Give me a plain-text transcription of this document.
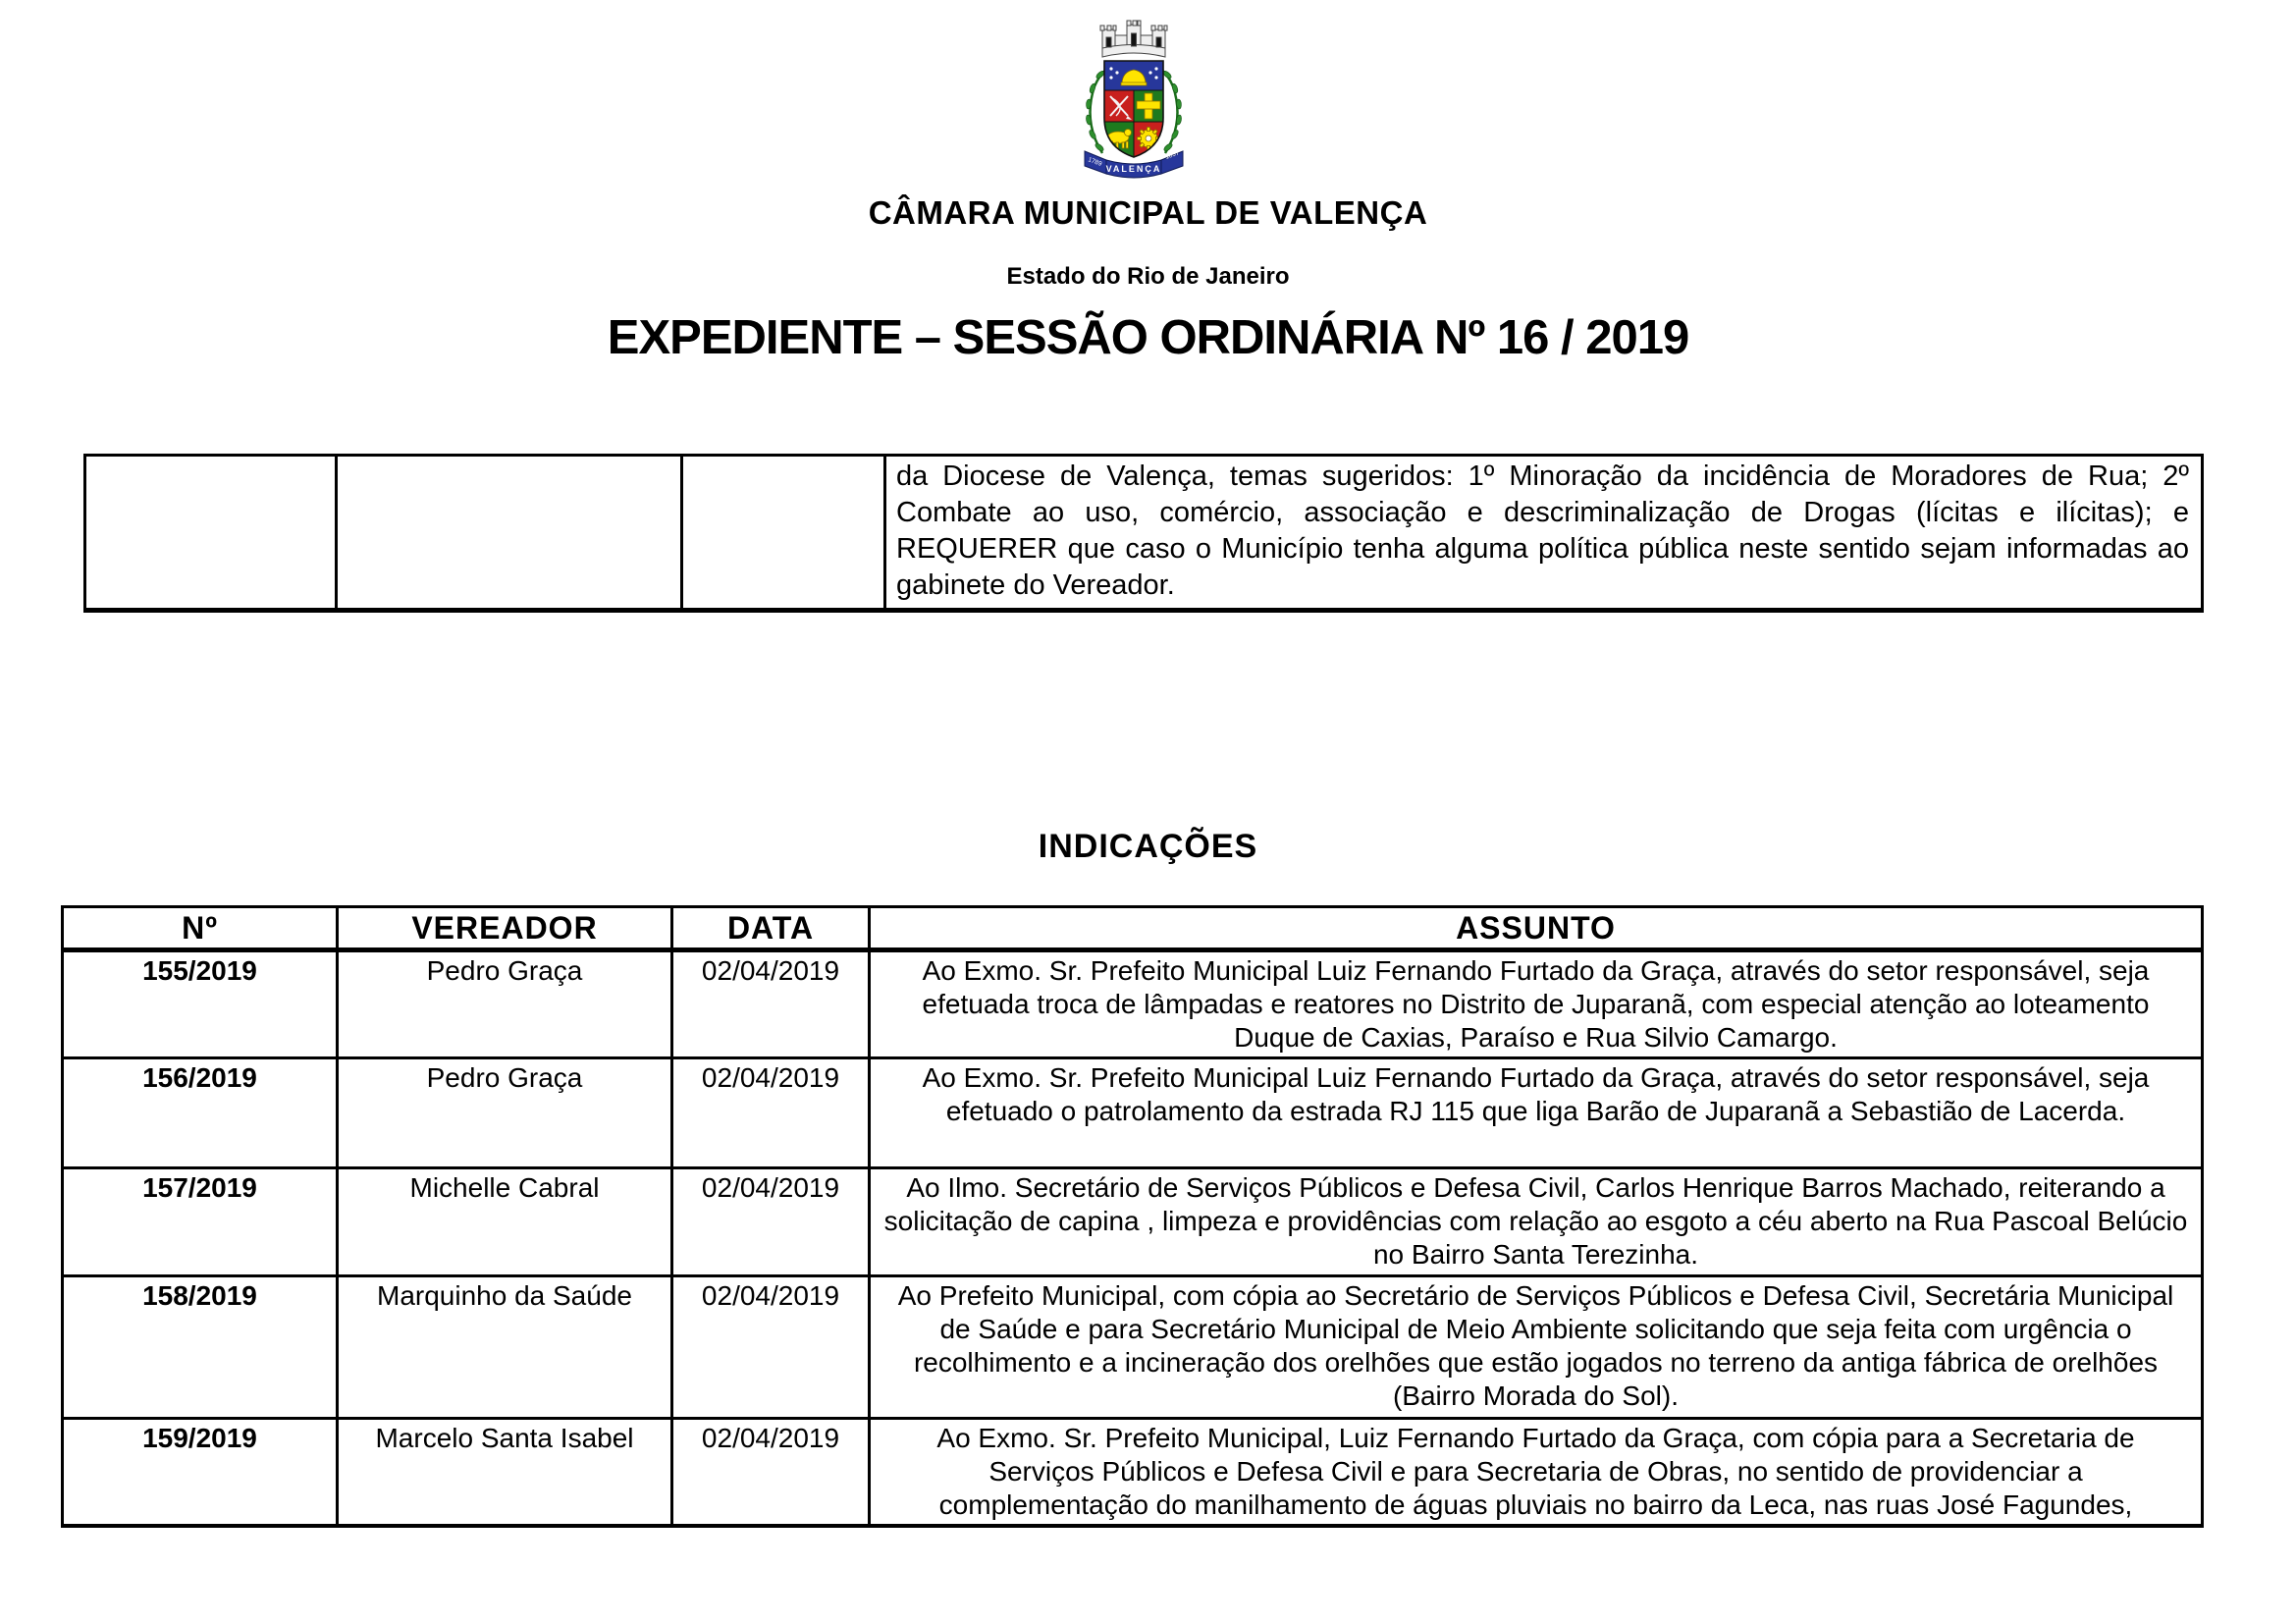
1789
1857
VALENÇA
CÂMARA MUNICIPAL DE VALENÇA
Estado do Rio de Janeiro
EXPEDIENTE – SESSÃO ORDINÁRIA Nº 16 / 2019
			da Diocese de Valença, temas sugeridos: 1º Minoração da incidência de Moradores de Rua; 2º Combate ao uso, comércio, associação e descriminalização de Drogas (lícitas e ilícitas); e REQUERER que caso o Município tenha alguma política pública neste sentido sejam informadas ao gabinete do Vereador.
INDICAÇÕES
Nº	VEREADOR	DATA	ASSUNTO
155/2019	Pedro Graça	02/04/2019	Ao Exmo. Sr. Prefeito Municipal Luiz Fernando Furtado da Graça, através do setor responsável, seja efetuada troca de lâmpadas e reatores no Distrito de Juparanã, com especial atenção ao loteamento Duque de Caxias, Paraíso e Rua Silvio Camargo.
156/2019	Pedro Graça	02/04/2019	Ao Exmo. Sr. Prefeito Municipal Luiz Fernando Furtado da Graça, através do setor responsável, seja efetuado o patrolamento da estrada RJ 115 que liga Barão de Juparanã a Sebastião de Lacerda.
157/2019	Michelle Cabral	02/04/2019	Ao Ilmo. Secretário de Serviços Públicos e Defesa Civil, Carlos Henrique Barros Machado, reiterando a solicitação de capina , limpeza e providências com relação ao esgoto a céu aberto na Rua Pascoal Belúcio no Bairro Santa Terezinha.
158/2019	Marquinho da Saúde	02/04/2019	Ao Prefeito Municipal, com cópia ao Secretário de Serviços Públicos e Defesa Civil, Secretária Municipal de Saúde e para Secretário Municipal de Meio Ambiente solicitando que seja feita com urgência o recolhimento e a incineração dos orelhões que estão jogados no terreno da antiga fábrica de orelhões (Bairro Morada do Sol).
159/2019	Marcelo Santa Isabel	02/04/2019	Ao Exmo. Sr. Prefeito Municipal, Luiz Fernando Furtado da Graça, com cópia para a Secretaria de Serviços Públicos e Defesa Civil e para Secretaria de Obras, no sentido de providenciar a complementação do manilhamento de águas pluviais no bairro da Leca, nas ruas José Fagundes,
